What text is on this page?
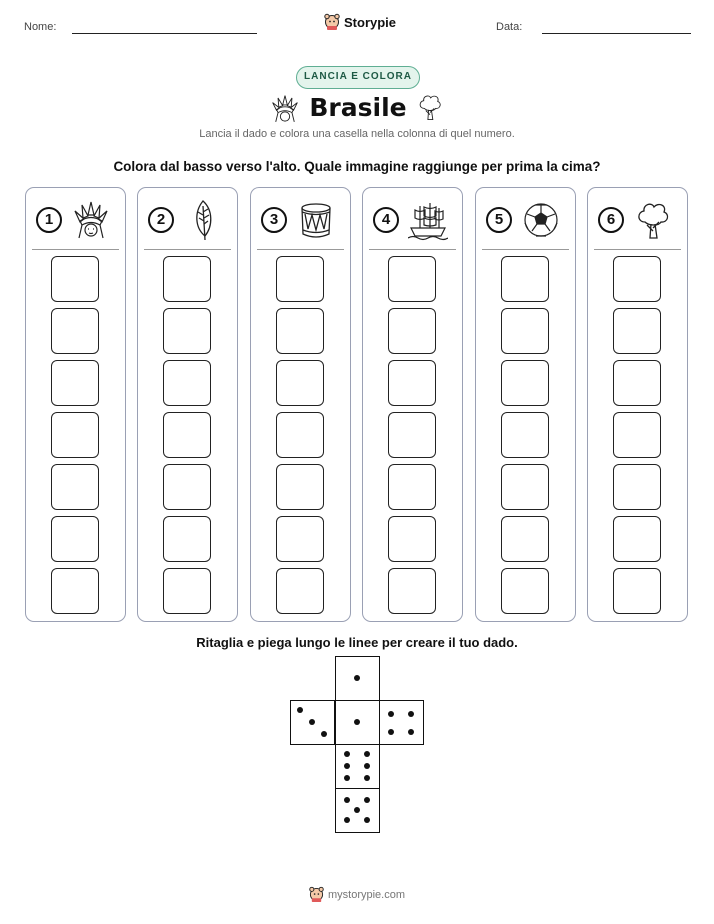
Nome:	Storypie	Data:
LANCIA E COLORA
Brasile
Lancia il dado e colora una casella nella colonna di quel numero.
Colora dal basso verso l'alto. Quale immagine raggiunge per prima la cima?
1	2	3	4	5	6
Ritaglia e piega lungo le linee per creare il tuo dado.
mystorypie.com
